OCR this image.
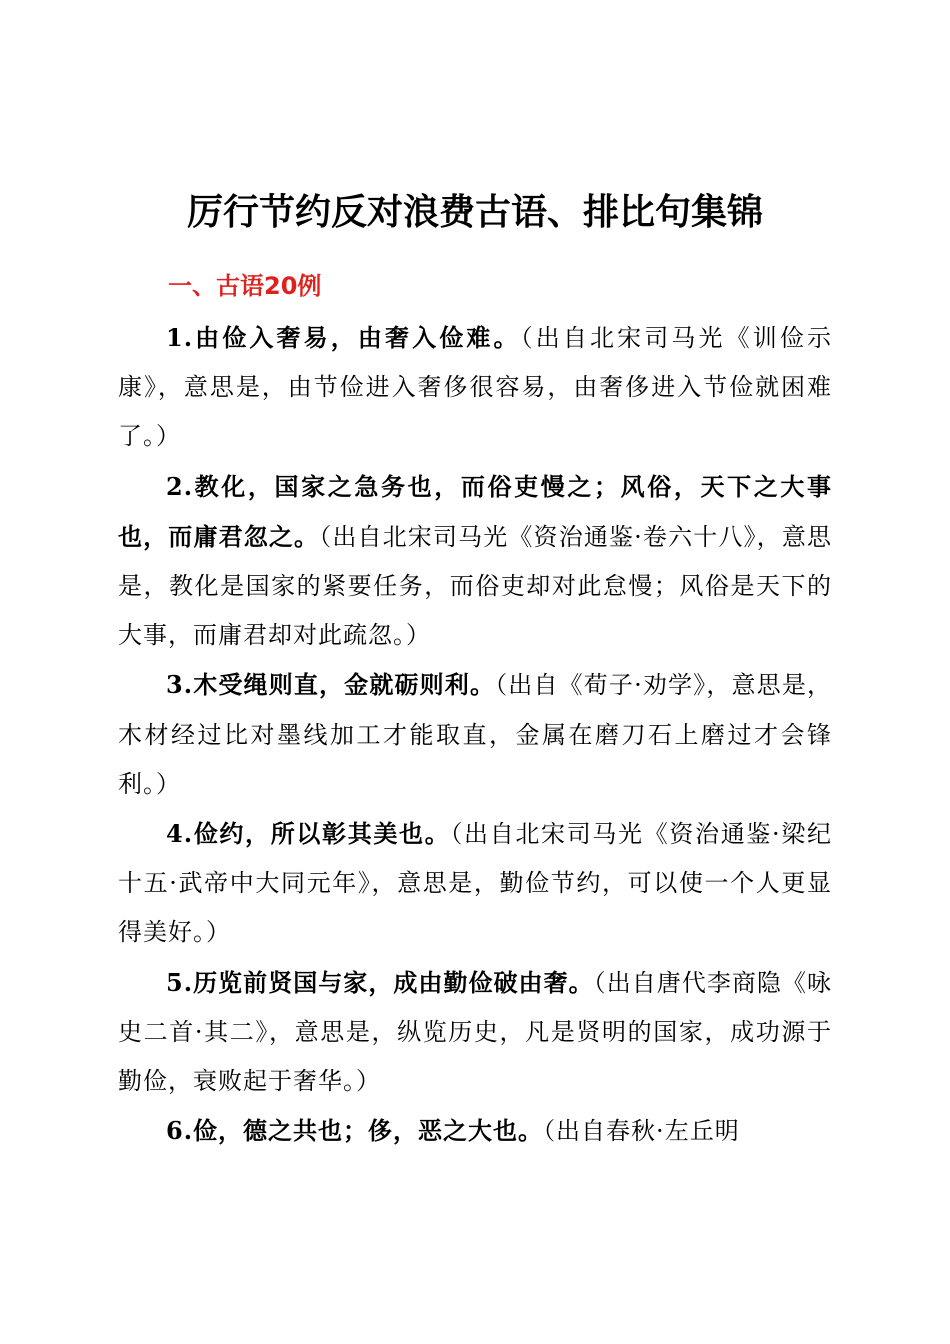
厉行节约反对浪费古语、排比句集锦
一、古语20例

1.由俭入奢易，由奢入俭难。（出自北宋司马光《训俭示康》，意思是，由节俭进入奢侈很容易，由奢侈进入节俭就困难了。）

2.教化，国家之急务也，而俗吏慢之；风俗，天下之大事也，而庸君忽之。（出自北宋司马光《资治通鉴·卷六十八》，意思是，教化是国家的紧要任务，而俗吏却对此怠慢；风俗是天下的大事，而庸君却对此疏忽。）

3.木受绳则直，金就砺则利。（出自《荀子·劝学》，意思是，木材经过比对墨线加工才能取直，金属在磨刀石上磨过才会锋利。）

4.俭约，所以彰其美也。（出自北宋司马光《资治通鉴·梁纪十五·武帝中大同元年》，意思是，勤俭节约，可以使一个人更显得美好。）

5.历览前贤国与家，成由勤俭破由奢。（出自唐代李商隐《咏史二首·其二》，意思是，纵览历史，凡是贤明的国家，成功源于勤俭，衰败起于奢华。）

6.俭，德之共也；侈，恶之大也。（出自春秋·左丘明
